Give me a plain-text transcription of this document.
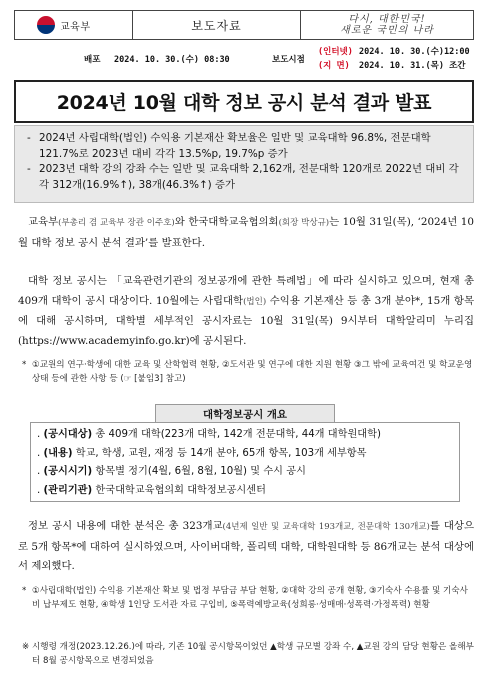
교육부	보도자료	다시, 대한민국!
새로운 국민의 나라
배포 2024. 10. 30.(수) 08:30	보도시점
(인터넷) 2024. 10. 30.(수)12:00
(지 면) 2024. 10. 31.(목) 조간
2024년 10월 대학 정보 공시 분석 결과 발표
- 2024년 사립대학(법인) 수익용 기본재산 확보율은 일반 및 교육대학 96.8%, 전문대학 121.7%로 2023년 대비 각각 13.5%p, 19.7%p 증가
- 2023년 대학 강의 강좌 수는 일반 및 교육대학 2,162개, 전문대학 120개로 2022년 대비 각각 312개(16.9%↑), 38개(46.3%↑) 증가

교육부(부총리 겸 교육부 장관 이주호)와 한국대학교육협의회(회장 박상규)는 10월 31일(목), ‘2024년 10월 대학 정보 공시 분석 결과’를 발표한다.

대학 정보 공시는 「교육관련기관의 정보공개에 관한 특례법」에 따라 실시하고 있으며, 현재 총 409개 대학이 공시 대상이다. 10월에는 사립대학(법인) 수익용 기본재산 등 총 3개 분야*, 15개 항목에 대해 공시하며, 대학별 세부적인 공시자료는 10월 31일(목) 9시부터 대학알리미 누리집(https://www.academyinfo.go.kr)에 공시된다.

* ①교원의 연구·학생에 대한 교육 및 산학협력 현황, ②도서관 및 연구에 대한 지원 현황 ③그 밖에 교육여건 및 학교운영 상태 등에 관한 사항 등 (☞ [붙임3] 참고)
대학정보공시 개요
. (공시대상) 총 409개 대학(223개 대학, 142개 전문대학, 44개 대학원대학)
. (내용) 학교, 학생, 교원, 재정 등 14개 분야, 65개 항목, 103개 세부항목
. (공시시기) 항목별 정기(4월, 6월, 8월, 10월) 및 수시 공시
. (관리기관) 한국대학교육협의회 대학정보공시센터

정보 공시 내용에 대한 분석은 총 323개교(4년제 일반 및 교육대학 193개교, 전문대학 130개교)를 대상으로 5개 항목*에 대하여 실시하였으며, 사이버대학, 폴리텍 대학, 대학원대학 등 86개교는 분석 대상에서 제외했다.

* ①사립대학(법인) 수익용 기본재산 확보 및 법정 부담금 부담 현황, ②대학 강의 공개 현황, ③기숙사 수용률 및 기숙사비 납부제도 현황, ④학생 1인당 도서관 자료 구입비, ⑤폭력예방교육(성희롱·성매매·성폭력·가정폭력) 현황
※ 시행령 개정(2023.12.26.)에 따라, 기존 10월 공시항목이었던 ▲학생 규모별 강좌 수, ▲교원 강의 담당 현황은 올해부터 8월 공시항목으로 변경되었음
